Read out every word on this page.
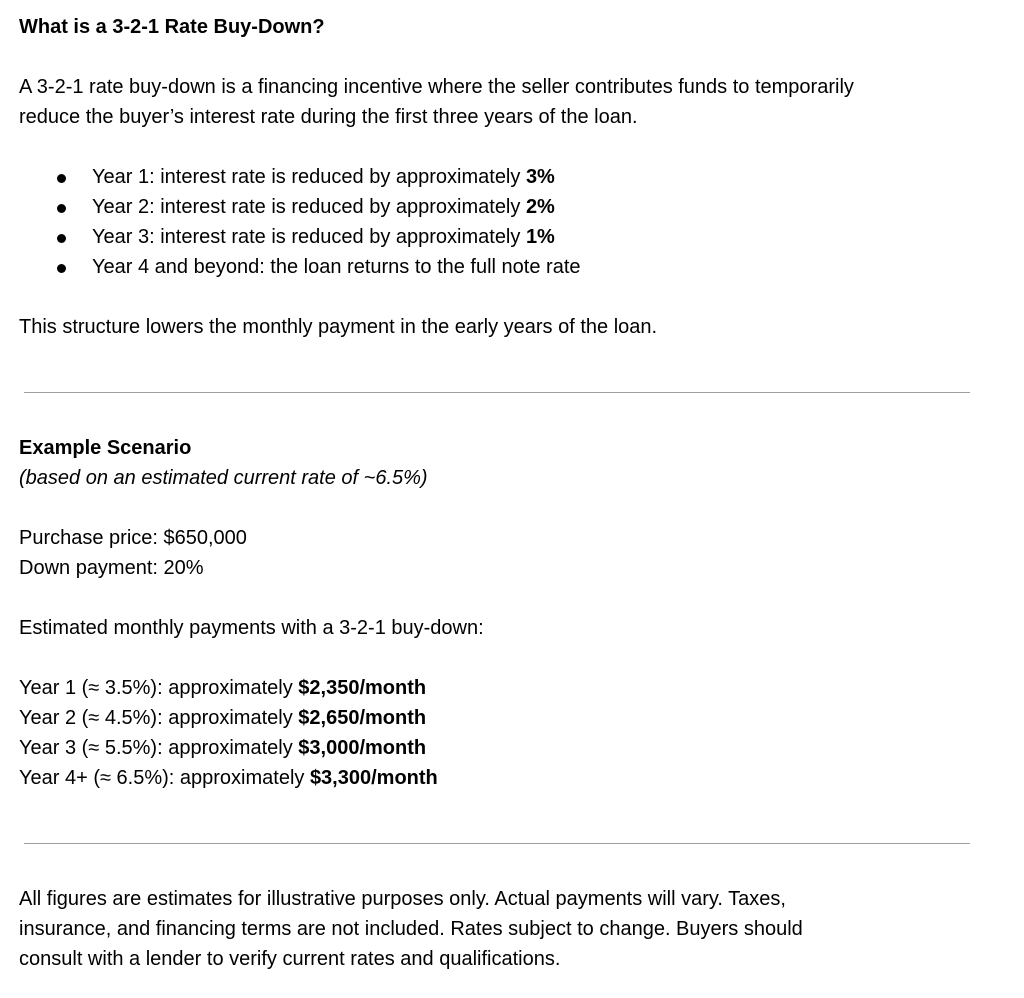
What is a 3-2-1 Rate Buy-Down?
A 3-2-1 rate buy-down is a financing incentive where the seller contributes funds to temporarily
reduce the buyer’s interest rate during the first three years of the loan.
Year 1: interest rate is reduced by approximately 3%
Year 2: interest rate is reduced by approximately 2%
Year 3: interest rate is reduced by approximately 1%
Year 4 and beyond: the loan returns to the full note rate
This structure lowers the monthly payment in the early years of the loan.
Example Scenario
(based on an estimated current rate of ~6.5%)
Purchase price: $650,000
Down payment: 20%
Estimated monthly payments with a 3-2-1 buy-down:
Year 1 (≈ 3.5%): approximately $2,350/month
Year 2 (≈ 4.5%): approximately $2,650/month
Year 3 (≈ 5.5%): approximately $3,000/month
Year 4+ (≈ 6.5%): approximately $3,300/month
All figures are estimates for illustrative purposes only. Actual payments will vary. Taxes,
insurance, and financing terms are not included. Rates subject to change. Buyers should
consult with a lender to verify current rates and qualifications.
